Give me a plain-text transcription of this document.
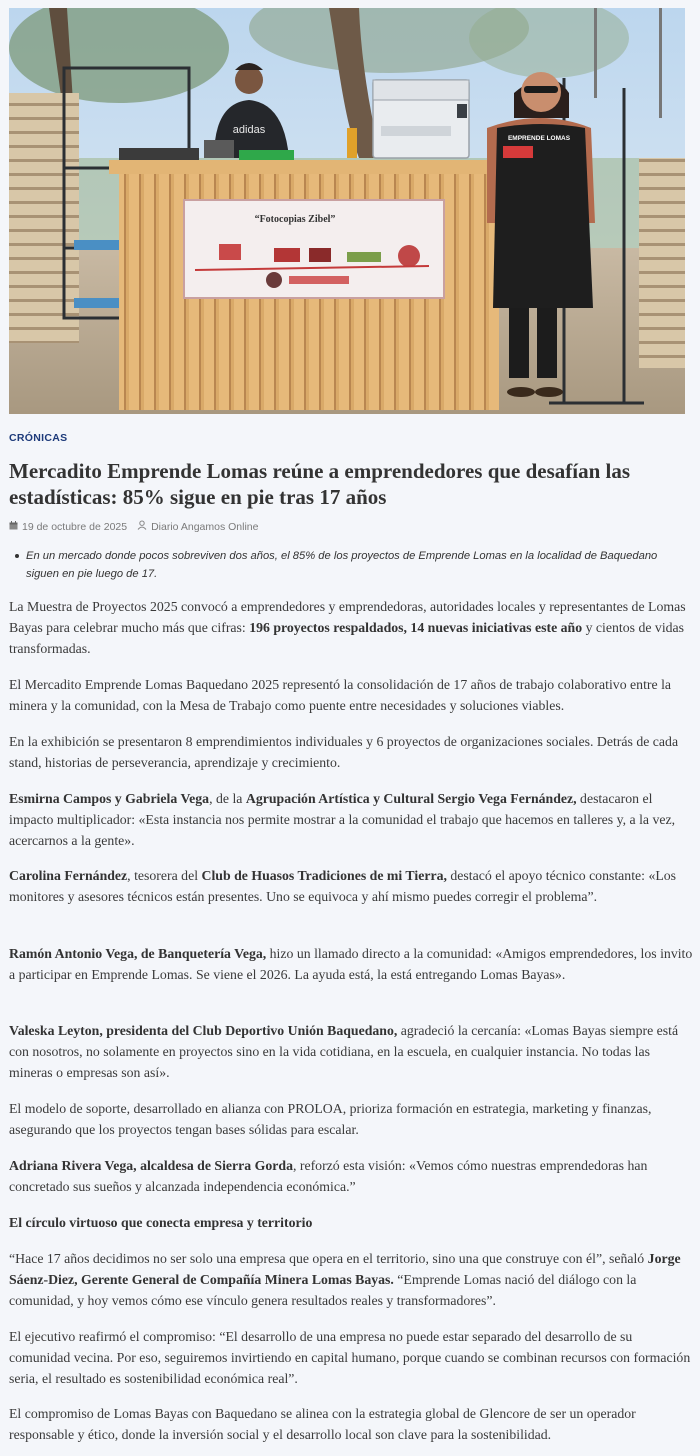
adidas
“Fotocopias Zibel”
EMPRENDE LOMAS
CRÓNICAS
Mercadito Emprende Lomas reúne a emprendedores que desafían las estadísticas: 85% sigue en pie tras 17 años
19 de octubre de 2025 Diario Angamos Online
En un mercado donde pocos sobreviven dos años, el 85% de los proyectos de Emprende Lomas en la localidad de Baquedano siguen en pie luego de 17.

La Muestra de Proyectos 2025 convocó a emprendedores y emprendedoras, autoridades locales y representantes de Lomas Bayas para celebrar mucho más que cifras: 196 proyectos respaldados, 14 nuevas iniciativas este año y cientos de vidas transformadas.

El Mercadito Emprende Lomas Baquedano 2025 representó la consolidación de 17 años de trabajo colaborativo entre la minera y la comunidad, con la Mesa de Trabajo como puente entre necesidades y soluciones viables.

En la exhibición se presentaron 8 emprendimientos individuales y 6 proyectos de organizaciones sociales. Detrás de cada stand, historias de perseverancia, aprendizaje y crecimiento.

Esmirna Campos y Gabriela Vega, de la Agrupación Artística y Cultural Sergio Vega Fernández, destacaron el impacto multiplicador: «Esta instancia nos permite mostrar a la comunidad el trabajo que hacemos en talleres y, a la vez, acercarnos a la gente».

Carolina Fernández, tesorera del Club de Huasos Tradiciones de mi Tierra, destacó el apoyo técnico constante: «Los monitores y asesores técnicos están presentes. Uno se equivoca y ahí mismo puedes corregir el problema”.

Ramón Antonio Vega, de Banquetería Vega, hizo un llamado directo a la comunidad: «Amigos emprendedores, los invito a participar en Emprende Lomas. Se viene el 2026. La ayuda está, la está entregando Lomas Bayas».

Valeska Leyton, presidenta del Club Deportivo Unión Baquedano, agradeció la cercanía: «Lomas Bayas siempre está con nosotros, no solamente en proyectos sino en la vida cotidiana, en la escuela, en cualquier instancia. No todas las mineras o empresas son así».

El modelo de soporte, desarrollado en alianza con PROLOA, prioriza formación en estrategia, marketing y finanzas, asegurando que los proyectos tengan bases sólidas para escalar.

Adriana Rivera Vega, alcaldesa de Sierra Gorda, reforzó esta visión: «Vemos cómo nuestras emprendedoras han concretado sus sueños y alcanzada independencia económica.”

El círculo virtuoso que conecta empresa y territorio

“Hace 17 años decidimos no ser solo una empresa que opera en el territorio, sino una que construye con él”, señaló Jorge Sáenz-Diez, Gerente General de Compañía Minera Lomas Bayas. “Emprende Lomas nació del diálogo con la comunidad, y hoy vemos cómo ese vínculo genera resultados reales y transformadores”.

El ejecutivo reafirmó el compromiso: “El desarrollo de una empresa no puede estar separado del desarrollo de su comunidad vecina. Por eso, seguiremos invirtiendo en capital humano, porque cuando se combinan recursos con formación seria, el resultado es sostenibilidad económica real”.

El compromiso de Lomas Bayas con Baquedano se alinea con la estrategia global de Glencore de ser un operador responsable y ético, donde la inversión social y el desarrollo local son clave para la sostenibilidad.
